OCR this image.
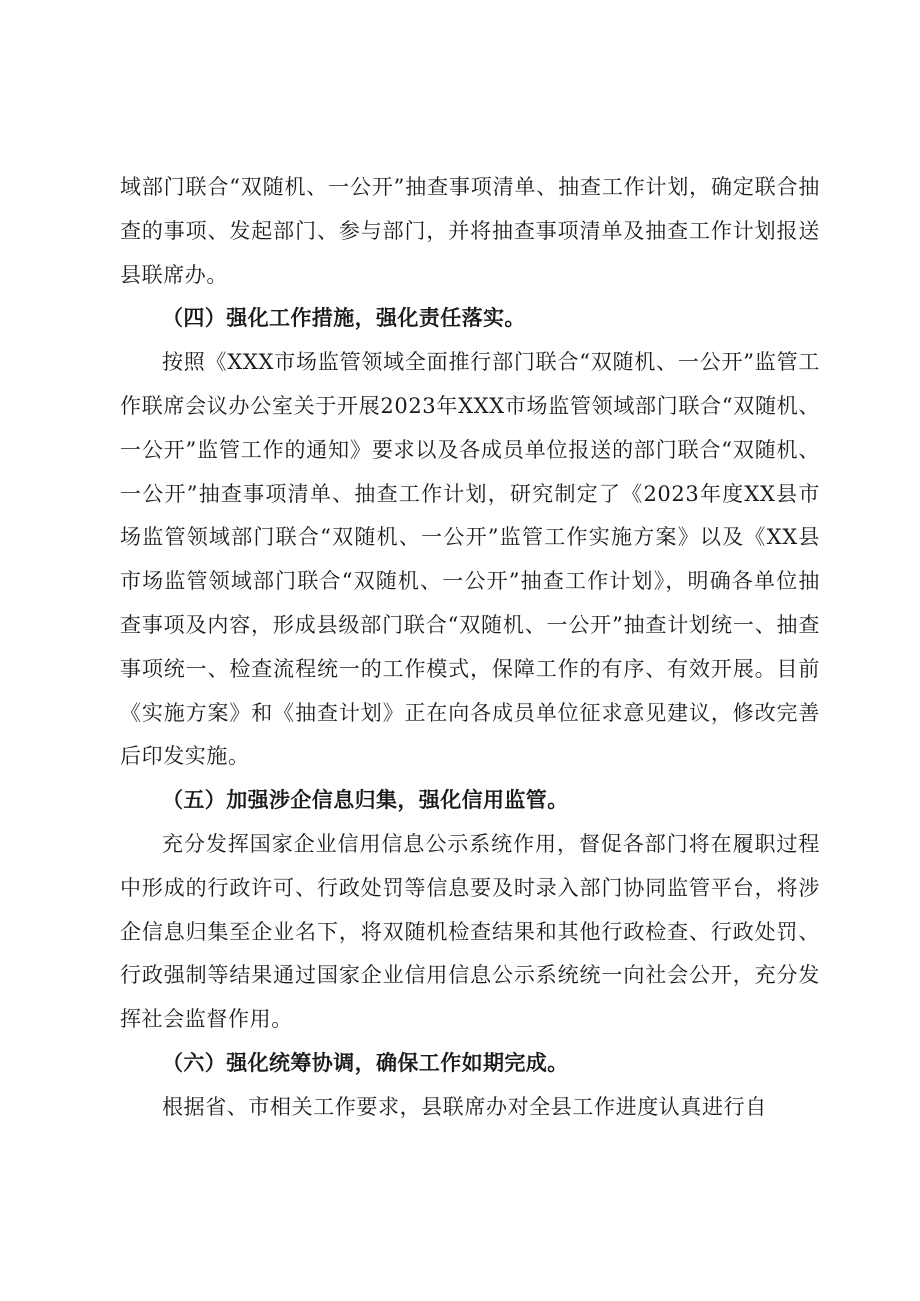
域部门联合“双随机、一公开”抽查事项清单、抽查工作计划，确定联合抽查的事项、发起部门、参与部门，并将抽查事项清单及抽查工作计划报送县联席办。

（四）强化工作措施，强化责任落实。

按照《XXX市场监管领域全面推行部门联合“双随机、一公开”监管工作联席会议办公室关于开展2023年XXX市场监管领域部门联合“双随机、一公开”监管工作的通知》要求以及各成员单位报送的部门联合“双随机、一公开”抽查事项清单、抽查工作计划，研究制定了《2023年度XX县市场监管领域部门联合“双随机、一公开”监管工作实施方案》以及《XX县市场监管领域部门联合“双随机、一公开”抽查工作计划》，明确各单位抽查事项及内容，形成县级部门联合“双随机、一公开”抽查计划统一、抽查事项统一、检查流程统一的工作模式，保障工作的有序、有效开展。目前《实施方案》和《抽查计划》正在向各成员单位征求意见建议，修改完善后印发实施。

（五）加强涉企信息归集，强化信用监管。

充分发挥国家企业信用信息公示系统作用，督促各部门将在履职过程中形成的行政许可、行政处罚等信息要及时录入部门协同监管平台，将涉企信息归集至企业名下，将双随机检查结果和其他行政检查、行政处罚、行政强制等结果通过国家企业信用信息公示系统统一向社会公开，充分发挥社会监督作用。

（六）强化统筹协调，确保工作如期完成。

根据省、市相关工作要求，县联席办对全县工作进度认真进行自
